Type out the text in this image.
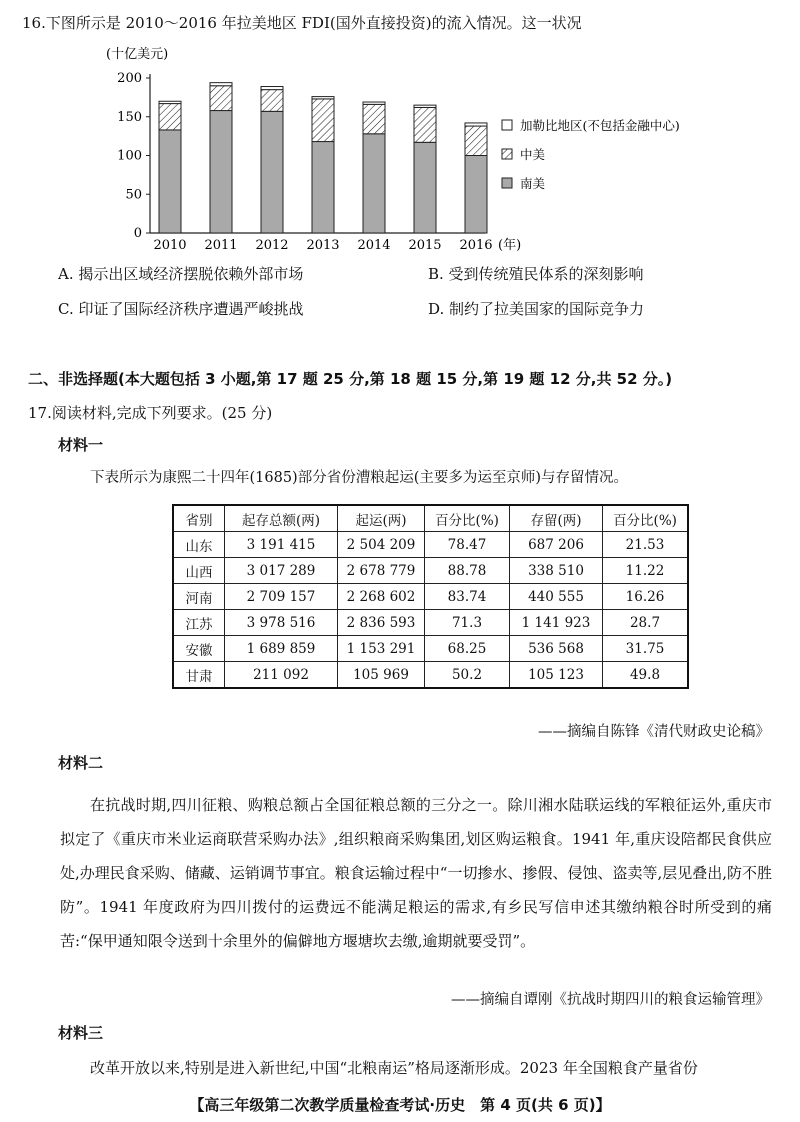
16.下图所示是 2010～2016 年拉美地区 FDI(国外直接投资)的流入情况。这一状况
(十亿美元)
0
50
100
150
200
2010 2011 2012 2013 2014 2015 2016 (年)
加勒比地区(不包括金融中心)
中美
南美
A. 揭示出区域经济摆脱依赖外部市场	B. 受到传统殖民体系的深刻影响
C. 印证了国际经济秩序遭遇严峻挑战	D. 制约了拉美国家的国际竞争力
二、非选择题(本大题包括 3 小题,第 17 题 25 分,第 18 题 15 分,第 19 题 12 分,共 52 分。)
17.阅读材料,完成下列要求。(25 分)
材料一
下表所示为康熙二十四年(1685)部分省份漕粮起运(主要多为运至京师)与存留情况。
省别	起存总额(两)	起运(两)	百分比(%)	存留(两)	百分比(%)
山东	3 191 415	2 504 209	78.47	687 206	21.53
山西	3 017 289	2 678 779	88.78	338 510	11.22
河南	2 709 157	2 268 602	83.74	440 555	16.26
江苏	3 978 516	2 836 593	71.3	1 141 923	28.7
安徽	1 689 859	1 153 291	68.25	536 568	31.75
甘肃	211 092	105 969	50.2	105 123	49.8
——摘编自陈锋《清代财政史论稿》
材料二

在抗战时期,四川征粮、购粮总额占全国征粮总额的三分之一。除川湘水陆联运线的军粮征运外,重庆市拟定了《重庆市米业运商联营采购办法》,组织粮商采购集团,划区购运粮食。1941 年,重庆设陪都民食供应处,办理民食采购、储藏、运销调节事宜。粮食运输过程中“一切掺水、掺假、侵蚀、盗卖等,层见叠出,防不胜防”。1941 年度政府为四川拨付的运费远不能满足粮运的需求,有乡民写信申述其缴纳粮谷时所受到的痛苦:“保甲通知限令送到十余里外的偏僻地方堰塘坎去缴,逾期就要受罚”。

——摘编自谭刚《抗战时期四川的粮食运输管理》
材料三

改革开放以来,特别是进入新世纪,中国“北粮南运”格局逐渐形成。2023 年全国粮食产量省份

【高三年级第二次教学质量检查考试·历史　第 4 页(共 6 页)】
